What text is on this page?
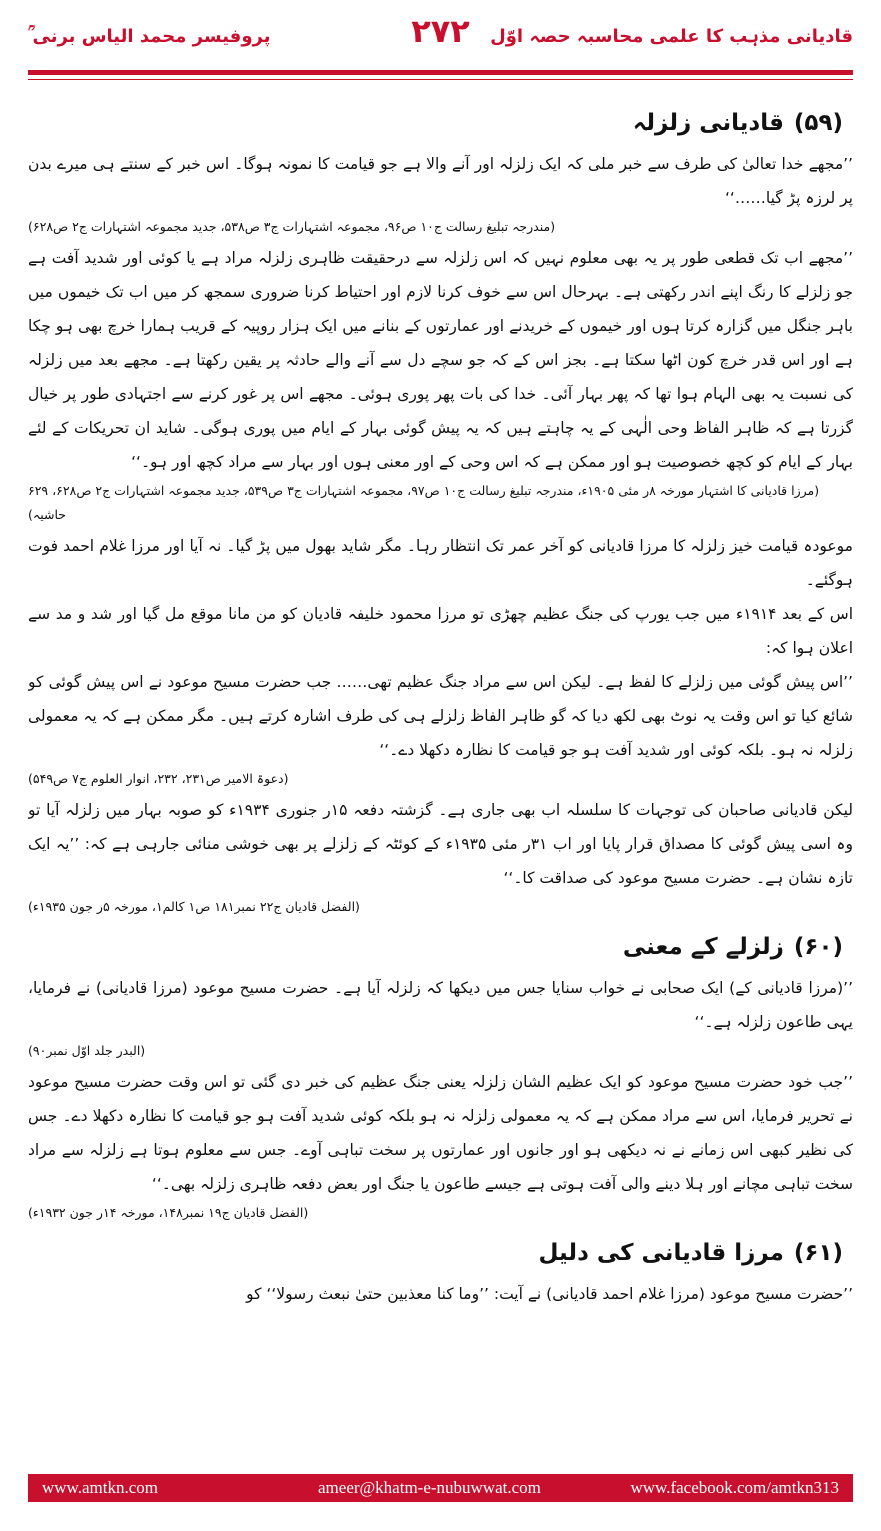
قادیانی مذہب کا علمی محاسبہ حصہ اوّل
۲۷۲
پروفیسر محمد الیاس برنی ؒ
(۵۹)قادیانی زلزلہ

’’مجھے خدا تعالیٰ کی طرف سے خبر ملی کہ ایک زلزلہ اور آنے والا ہے جو قیامت کا نمونہ ہوگا۔ اس خبر کے سنتے ہی میرے بدن پر لرزہ پڑ گیا……‘‘

(مندرجہ تبلیغ رسالت ج۱۰ ص۹۶، مجموعہ اشتہارات ج۳ ص۵۳۸، جدید مجموعہ اشتہارات ج۲ ص۶۲۸)

’’مجھے اب تک قطعی طور پر یہ بھی معلوم نہیں کہ اس زلزلہ سے درحقیقت ظاہری زلزلہ مراد ہے یا کوئی اور شدید آفت ہے جو زلزلے کا رنگ اپنے اندر رکھتی ہے۔ بہرحال اس سے خوف کرنا لازم اور احتیاط کرنا ضروری سمجھ کر میں اب تک خیموں میں باہر جنگل میں گزارہ کرتا ہوں اور خیموں کے خریدنے اور عمارتوں کے بنانے میں ایک ہزار روپیہ کے قریب ہمارا خرچ بھی ہو چکا ہے اور اس قدر خرچ کون اٹھا سکتا ہے۔ بجز اس کے کہ جو سچے دل سے آنے والے حادثہ پر یقین رکھتا ہے۔ مجھے بعد میں زلزلہ کی نسبت یہ بھی الہام ہوا تھا کہ پھر بہار آئی۔ خدا کی بات پھر پوری ہوئی۔ مجھے اس پر غور کرنے سے اجتہادی طور پر خیال گزرتا ہے کہ ظاہر الفاظ وحی الٰہی کے یہ چاہتے ہیں کہ یہ پیش گوئی بہار کے ایام میں پوری ہوگی۔ شاید ان تحریکات کے لئے بہار کے ایام کو کچھ خصوصیت ہو اور ممکن ہے کہ اس وحی کے اور معنی ہوں اور بہار سے مراد کچھ اور ہو۔‘‘

(مرزا قادیانی کا اشتہار مورخہ ۸ر مئی ۱۹۰۵ء، مندرجہ تبلیغ رسالت ج۱۰ ص۹۷، مجموعہ اشتہارات ج۳ ص۵۳۹، جدید مجموعہ اشتہارات ج۲ ص۶۲۸، ۶۲۹ حاشیہ)

موعودہ قیامت خیز زلزلہ کا مرزا قادیانی کو آخر عمر تک انتظار رہا۔ مگر شاید بھول میں پڑ گیا۔ نہ آیا اور مرزا غلام احمد فوت ہوگئے۔

اس کے بعد ۱۹۱۴ء میں جب یورپ کی جنگ عظیم چھڑی تو مرزا محمود خلیفہ قادیان کو من مانا موقع مل گیا اور شد و مد سے اعلان ہوا کہ:

’’اس پیش گوئی میں زلزلے کا لفظ ہے۔ لیکن اس سے مراد جنگ عظیم تھی…… جب حضرت مسیح موعود نے اس پیش گوئی کو شائع کیا تو اس وقت یہ نوٹ بھی لکھ دیا کہ گو ظاہر الفاظ زلزلے ہی کی طرف اشارہ کرتے ہیں۔ مگر ممکن ہے کہ یہ معمولی زلزلہ نہ ہو۔ بلکہ کوئی اور شدید آفت ہو جو قیامت کا نظارہ دکھلا دے۔‘‘

(دعوۃ الامیر ص۲۳۱، ۲۳۲، انوار العلوم ج۷ ص۵۴۹)

لیکن قادیانی صاحبان کی توجہات کا سلسلہ اب بھی جاری ہے۔ گزشتہ دفعہ ۱۵ر جنوری ۱۹۳۴ء کو صوبہ بہار میں زلزلہ آیا تو وہ اسی پیش گوئی کا مصداق قرار پایا اور اب ۳۱ر مئی ۱۹۳۵ء کے کوئٹہ کے زلزلے پر بھی خوشی منائی جارہی ہے کہ: ’’یہ ایک تازہ نشان ہے۔ حضرت مسیح موعود کی صداقت کا۔‘‘

(الفضل قادیان ج۲۲ نمبر۱۸۱ ص۱ کالم۱، مورخہ ۵ر جون ۱۹۳۵ء)
(۶۰)زلزلے کے معنی

’’(مرزا قادیانی کے) ایک صحابی نے خواب سنایا جس میں دیکھا کہ زلزلہ آیا ہے۔ حضرت مسیح موعود (مرزا قادیانی) نے فرمایا، یہی طاعون زلزلہ ہے۔‘‘

(البدر جلد اوّل نمبر۹۰)

’’جب خود حضرت مسیح موعود کو ایک عظیم الشان زلزلہ یعنی جنگ عظیم کی خبر دی گئی تو اس وقت حضرت مسیح موعود نے تحریر فرمایا، اس سے مراد ممکن ہے کہ یہ معمولی زلزلہ نہ ہو بلکہ کوئی شدید آفت ہو جو قیامت کا نظارہ دکھلا دے۔ جس کی نظیر کبھی اس زمانے نے نہ دیکھی ہو اور جانوں اور عمارتوں پر سخت تباہی آوے۔ جس سے معلوم ہوتا ہے زلزلہ سے مراد سخت تباہی مچانے اور ہلا دینے والی آفت ہوتی ہے جیسے طاعون یا جنگ اور بعض دفعہ ظاہری زلزلہ بھی۔‘‘

(الفضل قادیان ج۱۹ نمبر۱۴۸، مورخہ ۱۴ر جون ۱۹۳۲ء)
(۶۱)مرزا قادیانی کی دلیل

’’حضرت مسیح موعود (مرزا غلام احمد قادیانی) نے آیت: ’’وما کنا معذبین حتیٰ نبعث رسولا‘‘ کو

www.amtkn.com	ameer@khatm-e-nubuwwat.com	www.facebook.com/amtkn313
